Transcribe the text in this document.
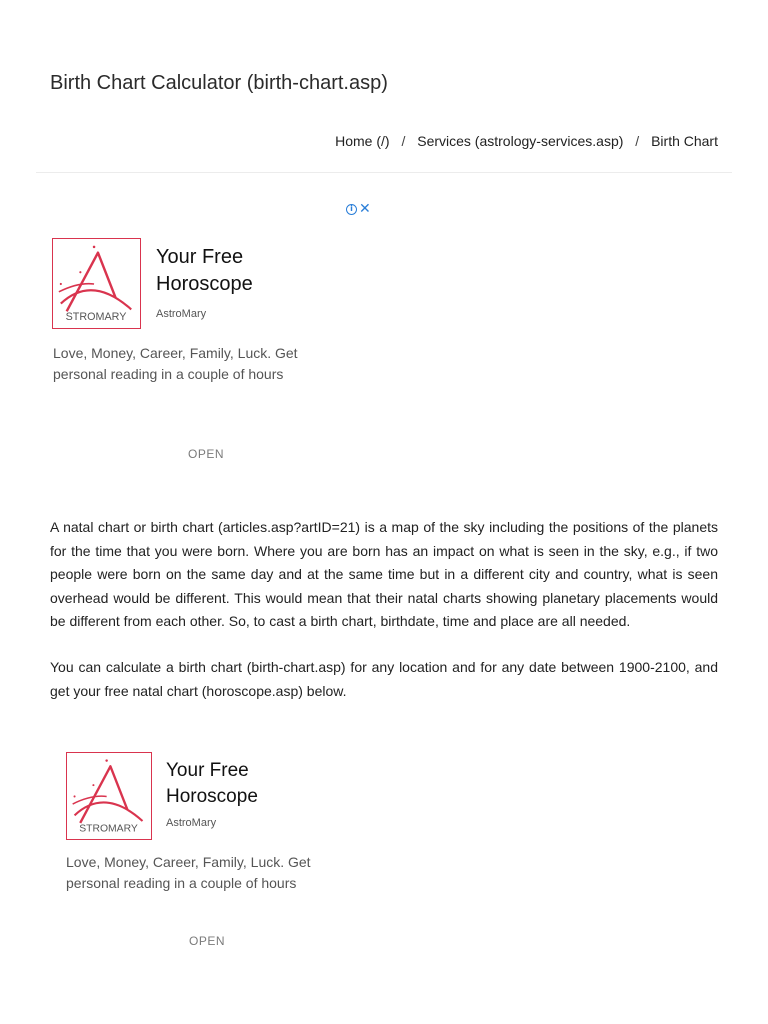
Birth Chart Calculator (birth-chart.asp)
Home (/) / Services (astrology-services.asp) / Birth Chart
i ✕
STROMARY
Your Free
Horoscope
AstroMary
Love, Money, Career, Family, Luck. Get
personal reading in a couple of hours
OPEN

A natal chart or birth chart (articles.asp?artID=21) is a map of the sky including the positions of the planets for the time that you were born. Where you are born has an impact on what is seen in the sky, e.g., if two people were born on the same day and at the same time but in a different city and country, what is seen overhead would be different. This would mean that their natal charts showing planetary placements would be different from each other. So, to cast a birth chart, birthdate, time and place are all needed.

You can calculate a birth chart (birth-chart.asp) for any location and for any date between 1900-2100, and get your free natal chart (horoscope.asp) below.

STROMARY
Your Free
Horoscope
AstroMary
Love, Money, Career, Family, Luck. Get
personal reading in a couple of hours
OPEN
